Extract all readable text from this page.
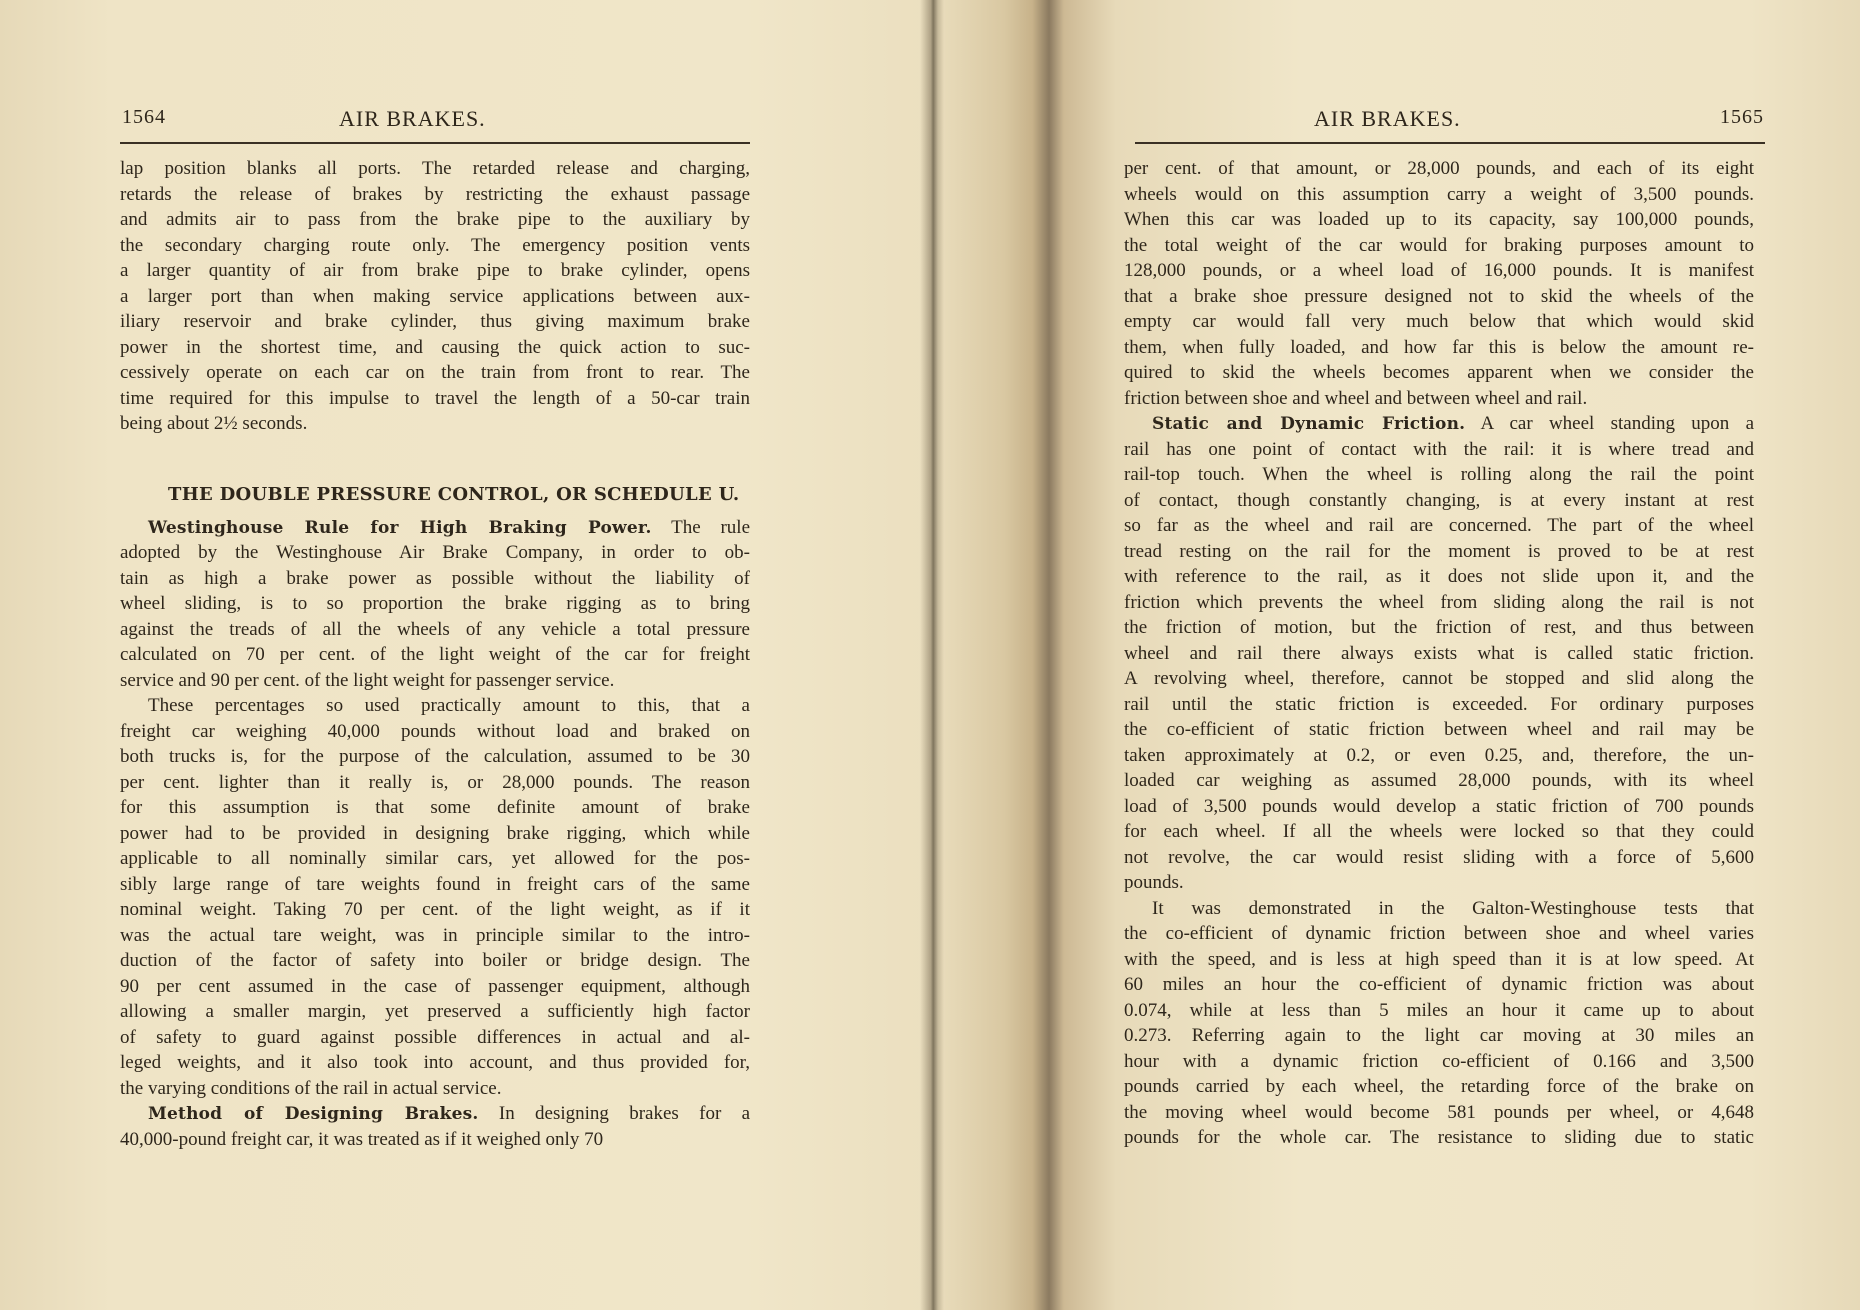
1564	AIR BRAKES.
lap position blanks all ports. The retarded release and charging,
retards the release of brakes by restricting the exhaust passage
and admits air to pass from the brake pipe to the auxiliary by
the secondary charging route only. The emergency position vents
a larger quantity of air from brake pipe to brake cylinder, opens
a larger port than when making service applications between aux-
iliary reservoir and brake cylinder, thus giving maximum brake
power in the shortest time, and causing the quick action to suc-
cessively operate on each car on the train from front to rear. The
time required for this impulse to travel the length of a 50-car train
being about 2½ seconds.
THE DOUBLE PRESSURE CONTROL, OR SCHEDULE U.
Westinghouse Rule for High Braking Power. The rule
adopted by the Westinghouse Air Brake Company, in order to ob-
tain as high a brake power as possible without the liability of
wheel sliding, is to so proportion the brake rigging as to bring
against the treads of all the wheels of any vehicle a total pressure
calculated on 70 per cent. of the light weight of the car for freight
service and 90 per cent. of the light weight for passenger service.
These percentages so used practically amount to this, that a
freight car weighing 40,000 pounds without load and braked on
both trucks is, for the purpose of the calculation, assumed to be 30
per cent. lighter than it really is, or 28,000 pounds. The reason
for this assumption is that some definite amount of brake
power had to be provided in designing brake rigging, which while
applicable to all nominally similar cars, yet allowed for the pos-
sibly large range of tare weights found in freight cars of the same
nominal weight. Taking 70 per cent. of the light weight, as if it
was the actual tare weight, was in principle similar to the intro-
duction of the factor of safety into boiler or bridge design. The
90 per cent assumed in the case of passenger equipment, although
allowing a smaller margin, yet preserved a sufficiently high factor
of safety to guard against possible differences in actual and al-
leged weights, and it also took into account, and thus provided for,
the varying conditions of the rail in actual service.
Method of Designing Brakes. In designing brakes for a
40,000-pound freight car, it was treated as if it weighed only 70
AIR BRAKES.	1565
per cent. of that amount, or 28,000 pounds, and each of its eight
wheels would on this assumption carry a weight of 3,500 pounds.
When this car was loaded up to its capacity, say 100,000 pounds,
the total weight of the car would for braking purposes amount to
128,000 pounds, or a wheel load of 16,000 pounds. It is manifest
that a brake shoe pressure designed not to skid the wheels of the
empty car would fall very much below that which would skid
them, when fully loaded, and how far this is below the amount re-
quired to skid the wheels becomes apparent when we consider the
friction between shoe and wheel and between wheel and rail.
Static and Dynamic Friction. A car wheel standing upon a
rail has one point of contact with the rail: it is where tread and
rail-top touch. When the wheel is rolling along the rail the point
of contact, though constantly changing, is at every instant at rest
so far as the wheel and rail are concerned. The part of the wheel
tread resting on the rail for the moment is proved to be at rest
with reference to the rail, as it does not slide upon it, and the
friction which prevents the wheel from sliding along the rail is not
the friction of motion, but the friction of rest, and thus between
wheel and rail there always exists what is called static friction.
A revolving wheel, therefore, cannot be stopped and slid along the
rail until the static friction is exceeded. For ordinary purposes
the co-efficient of static friction between wheel and rail may be
taken approximately at 0.2, or even 0.25, and, therefore, the un-
loaded car weighing as assumed 28,000 pounds, with its wheel
load of 3,500 pounds would develop a static friction of 700 pounds
for each wheel. If all the wheels were locked so that they could
not revolve, the car would resist sliding with a force of 5,600
pounds.
It was demonstrated in the Galton-Westinghouse tests that
the co-efficient of dynamic friction between shoe and wheel varies
with the speed, and is less at high speed than it is at low speed. At
60 miles an hour the co-efficient of dynamic friction was about
0.074, while at less than 5 miles an hour it came up to about
0.273. Referring again to the light car moving at 30 miles an
hour with a dynamic friction co-efficient of 0.166 and 3,500
pounds carried by each wheel, the retarding force of the brake on
the moving wheel would become 581 pounds per wheel, or 4,648
pounds for the whole car. The resistance to sliding due to static
